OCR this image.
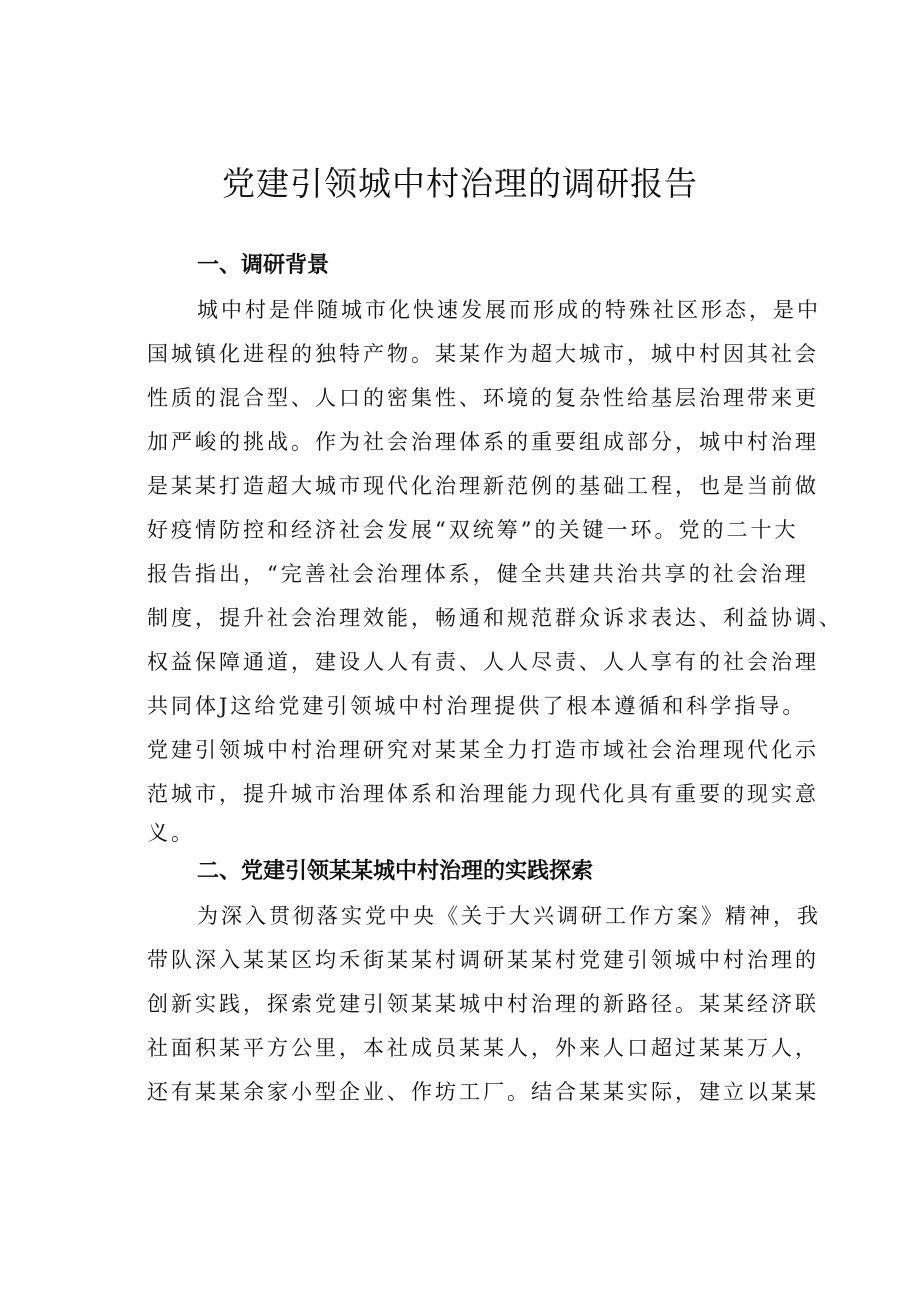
党建引领城中村治理的调研报告
一、调研背景
城中村是伴随城市化快速发展而形成的特殊社区形态，是中
国城镇化进程的独特产物。某某作为超大城市，城中村因其社会
性质的混合型、人口的密集性、环境的复杂性给基层治理带来更
加严峻的挑战。作为社会治理体系的重要组成部分，城中村治理
是某某打造超大城市现代化治理新范例的基础工程，也是当前做
好疫情防控和经济社会发展“双统筹”的关键一环。党的二十大
报告指出，“完善社会治理体系，健全共建共治共享的社会治理
制度，提升社会治理效能，畅通和规范群众诉求表达、利益协调、
权益保障通道，建设人人有责、人人尽责、人人享有的社会治理
共同体J这给党建引领城中村治理提供了根本遵循和科学指导。
党建引领城中村治理研究对某某全力打造市域社会治理现代化示
范城市，提升城市治理体系和治理能力现代化具有重要的现实意
义。
二、党建引领某某城中村治理的实践探索
为深入贯彻落实党中央《关于大兴调研工作方案》精神，我
带队深入某某区均禾街某某村调研某某村党建引领城中村治理的
创新实践，探索党建引领某某城中村治理的新路径。某某经济联
社面积某平方公里，本社成员某某人，外来人口超过某某万人，
还有某某余家小型企业、作坊工厂。结合某某实际，建立以某某
